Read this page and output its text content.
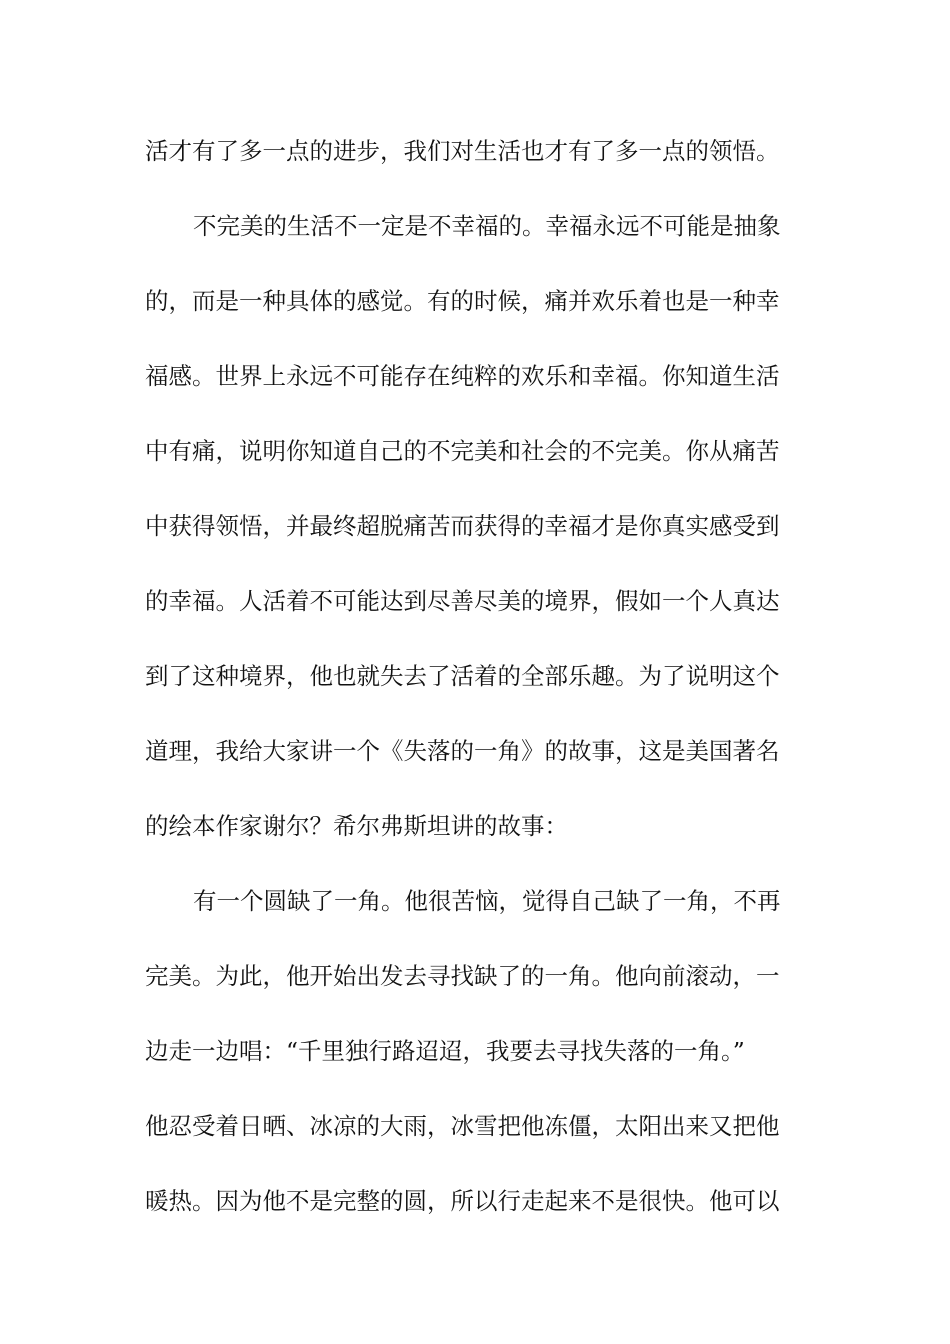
活才有了多一点的进步，我们对生活也才有了多一点的领悟。
不完美的生活不一定是不幸福的。幸福永远不可能是抽象
的，而是一种具体的感觉。有的时候，痛并欢乐着也是一种幸
福感。世界上永远不可能存在纯粹的欢乐和幸福。你知道生活
中有痛，说明你知道自己的不完美和社会的不完美。你从痛苦
中获得领悟，并最终超脱痛苦而获得的幸福才是你真实感受到
的幸福。人活着不可能达到尽善尽美的境界，假如一个人真达
到了这种境界，他也就失去了活着的全部乐趣。为了说明这个
道理，我给大家讲一个《失落的一角》的故事，这是美国著名
的绘本作家谢尔？希尔弗斯坦讲的故事：
有一个圆缺了一角。他很苦恼，觉得自己缺了一角，不再
完美。为此，他开始出发去寻找缺了的一角。他向前滚动，一
边走一边唱：“千里独行路迢迢，我要去寻找失落的一角。”
他忍受着日晒、冰凉的大雨，冰雪把他冻僵，太阳出来又把他
暖热。因为他不是完整的圆，所以行走起来不是很快。他可以
